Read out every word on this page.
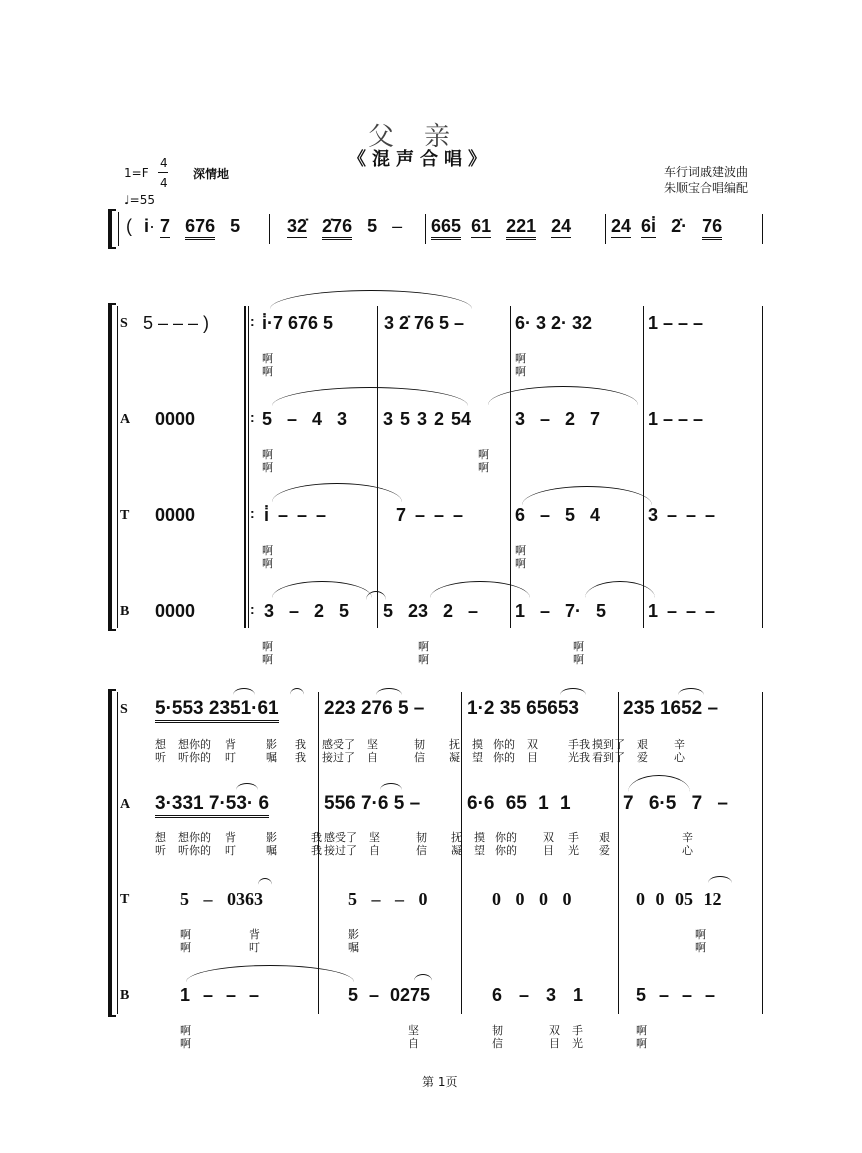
父亲
《混声合唱》
1=F
4
4
深情地
♩=55
车行词戚建波曲
朱顺宝合唱编配
( i· 7 676 5	32̇ 2̇76 5 – 665 61 221 24 24 6i̇ 2̇· 76
S 5 – – – )	: i̇·7 676 5	3 2̇ 76 5 –	6· 3 2· 32	1 – – –
啊
啊
啊
啊
A 0000	: 5 – 4 3 3 5 3 2 54 3 – 2 7	1 – – –
啊
啊
啊
啊
T 0000	: i̇ – – –	7 – – –	6 – 5 4	3 – – –
啊
啊
啊
啊
B 0000	: 3 – 2 5 5 23 2 – 1 – 7· 5 1 – – –
啊
啊
啊
啊
啊
啊
S 5·553 2351·61 223 276 5 – 1·2 35 65653 235 1652 –
想 想你的 背	影 我 感受了 坚	韧 抚 摸 你的 双	手我 摸到了 艰 辛
听 听你的 叮	嘱 我 接过了 自	信 凝 望 你的 目	光我 看到了 爱 心
A 3·331 7·53· 6	556 7·6 5 – 6·6 65 1 1	7 6·5 7 –
想 想你的 背	影	我 感受了 坚	韧 抚 摸 你的 双 手 艰	辛
听 听你的 叮	嘱	我 接过了 自	信 凝 望 你的 目 光 爱	心
T	5 – 0363	5 – – 0	0 0 0 0	0 0 05 12
啊
啊
背
叮
影
嘱
啊
啊
B	1 – – –	5 – 0275	6 – 3 1	5 – – –
啊
啊
坚
自
韧
信
双
目
手
光
啊
啊
第 1页
